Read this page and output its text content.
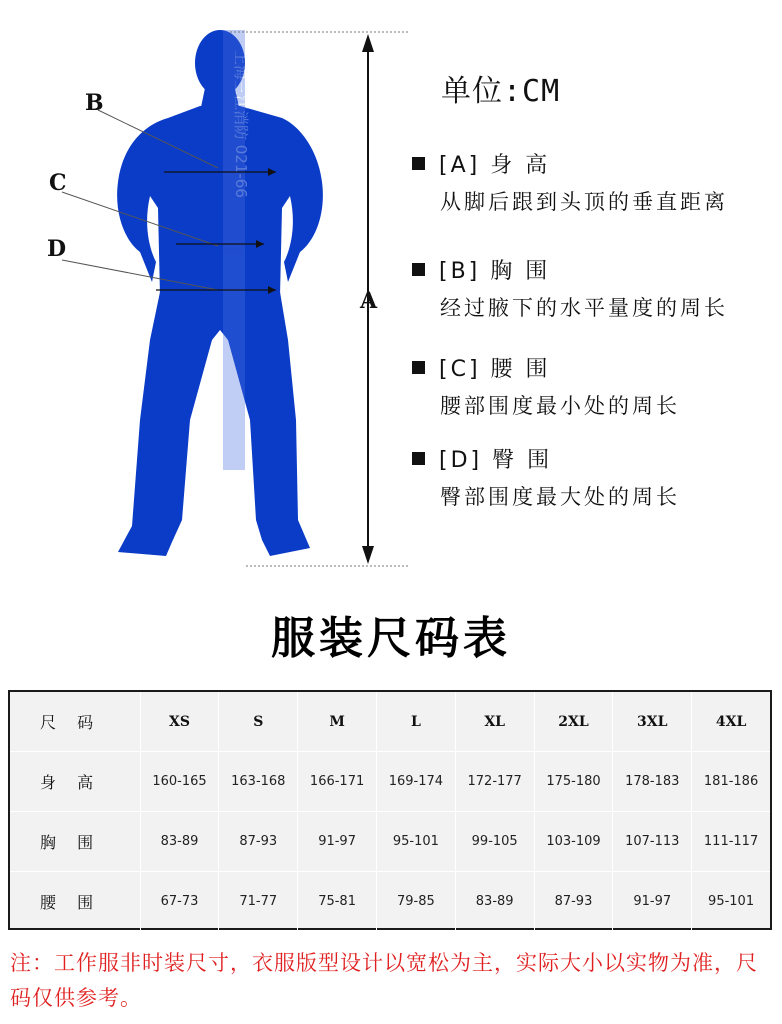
上海三江消防 021-66
B
C
D
A
单位:CM
[A] 身 高
从脚后跟到头顶的垂直距离
[B] 胸 围
经过腋下的水平量度的周长
[C] 腰 围
腰部围度最小处的周长
[D] 臀 围
臀部围度最大处的周长
服装尺码表
尺 码	XS	S	M	L	XL	2XL	3XL	4XL
身 高	160-165	163-168	166-171	169-174	172-177	175-180	178-183	181-186
胸 围	83-89	87-93	91-97	95-101	99-105	103-109	107-113	111-117
腰 围	67-73	71-77	75-81	79-85	83-89	87-93	91-97	95-101
注：工作服非时装尺寸，衣服版型设计以宽松为主，实际大小以实物为准，尺码仅供参考。
